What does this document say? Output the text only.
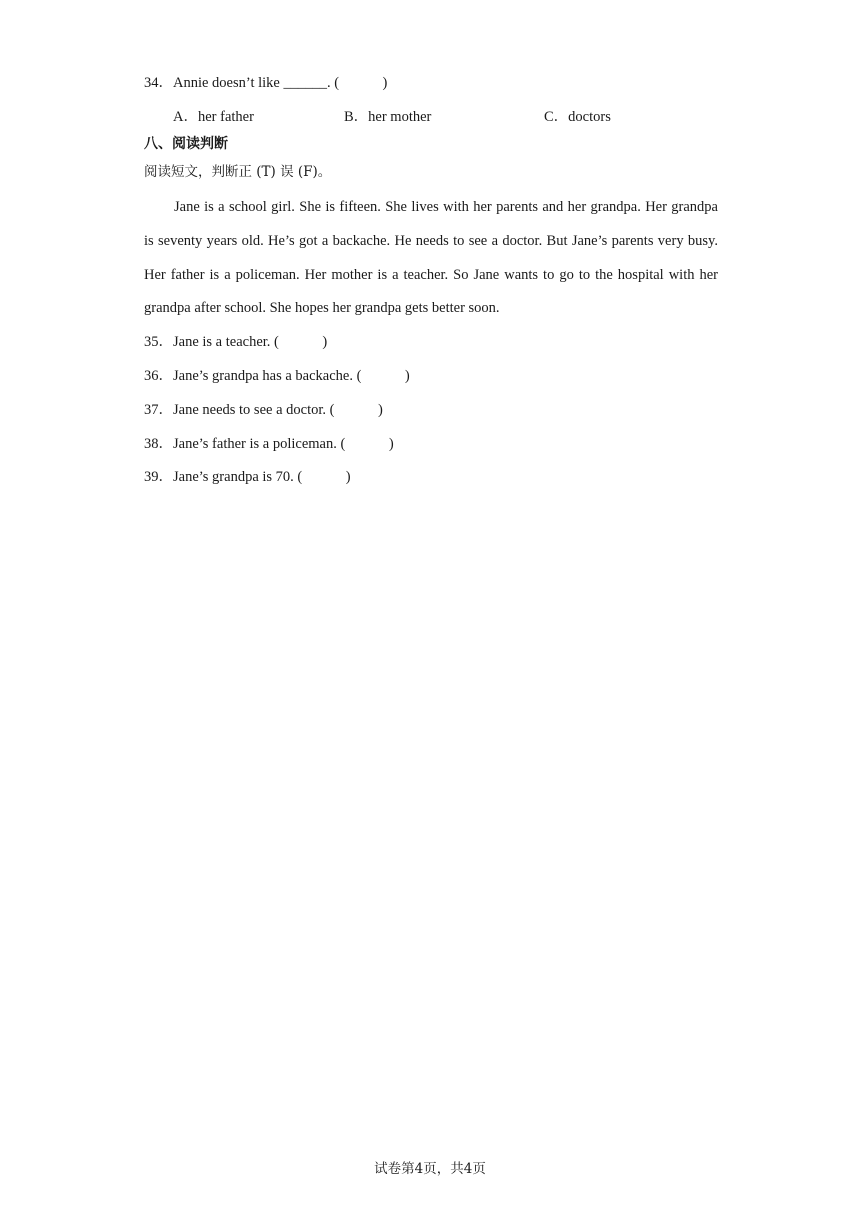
34．Annie doesn’t like ______. (　　　)
A．her father	B．her mother	C．doctors
八、阅读判断
阅读短文，判断正 (T) 误 (F)。

Jane is a school girl. She is fifteen. She lives with her parents and her grandpa. Her grandpa is seventy years old. He’s got a backache. He needs to see a doctor. But Jane’s parents very busy. Her father is a policeman. Her mother is a teacher. So Jane wants to go to the hospital with her grandpa after school. She hopes her grandpa gets better soon.

35．Jane is a teacher. (　　　)
36．Jane’s grandpa has a backache. (　　　)
37．Jane needs to see a doctor. (　　　)
38．Jane’s father is a policeman. (　　　)
39．Jane’s grandpa is 70. (　　　)
试卷第4页，共4页
